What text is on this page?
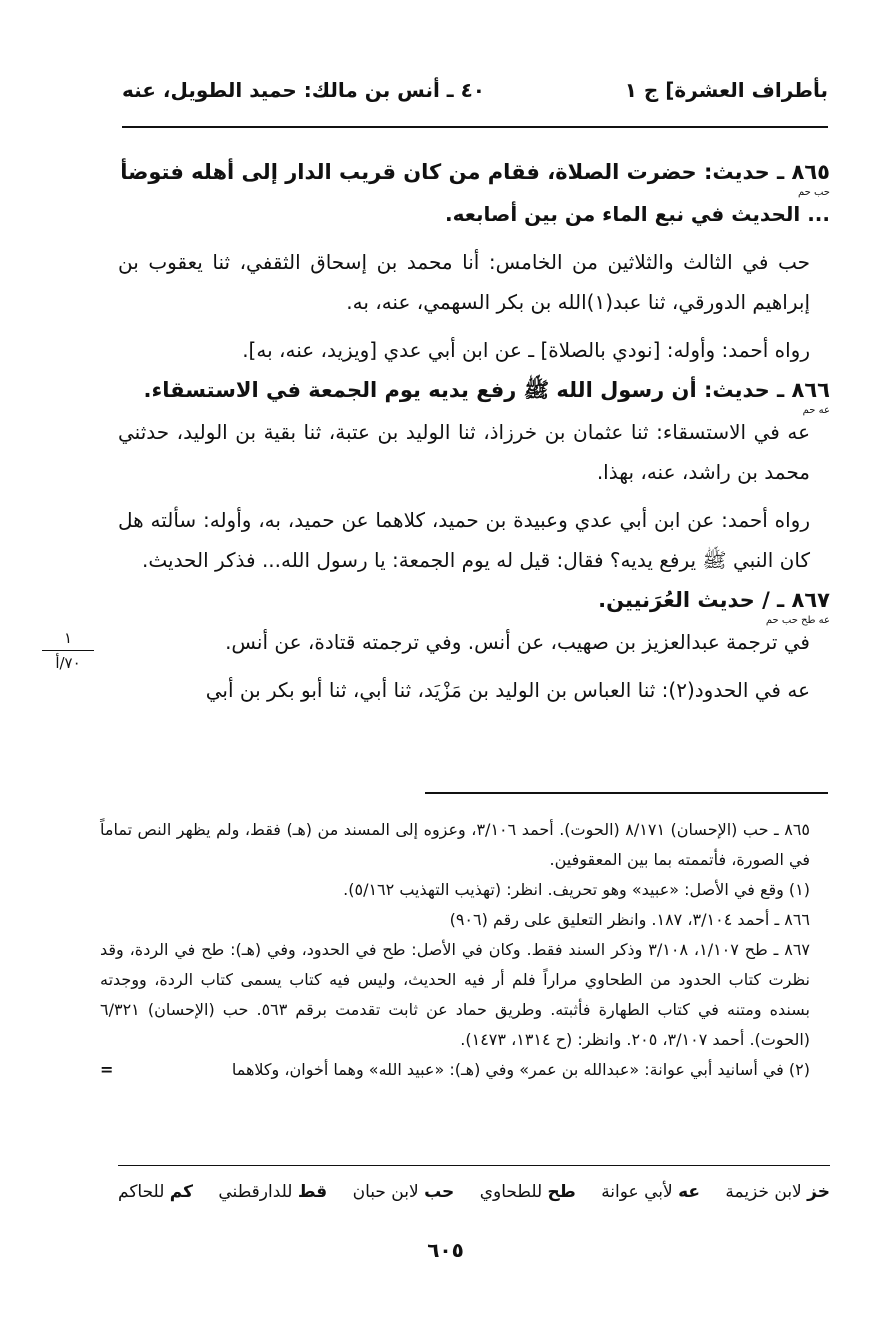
بأطراف العشرة] ج ١
٤٠ ـ أنس بن مالك: حميد الطويل، عنه

٨٦٥ ـ حديث: حضرت الصلاة، فقام من كان قريب الدار إلى أهله فتوضأ

حب حم

... الحديث في نبع الماء من بين أصابعه.

حب في الثالث والثلاثين من الخامس: أنا محمد بن إسحاق الثقفي، ثنا يعقوب بن إبراهيم الدورقي، ثنا عبد(١)الله بن بكر السهمي، عنه، به.

رواه أحمد: وأوله: [نودي بالصلاة] ـ عن ابن أبي عدي [ويزيد، عنه، به].

٨٦٦ ـ حديث: أن رسول الله ﷺ رفع يديه يوم الجمعة في الاستسقاء.

عه حم

عه في الاستسقاء: ثنا عثمان بن خرزاذ، ثنا الوليد بن عتبة، ثنا بقية بن الوليد، حدثني محمد بن راشد، عنه، بهذا.

رواه أحمد: عن ابن أبي عدي وعبيدة بن حميد، كلاهما عن حميد، به، وأوله: سألته هل كان النبي ﷺ يرفع يديه؟ فقال: قيل له يوم الجمعة: يا رسول الله... فذكر الحديث.

٨٦٧ ـ / حديث العُرَنيين.

عه طح حب حم

في ترجمة عبدالعزيز بن صهيب، عن أنس. وفي ترجمته قتادة، عن أنس.

عه في الحدود(٢): ثنا العباس بن الوليد بن مَزْيَد، ثنا أبي، ثنا أبو بكر بن أبي

١
٧٠/أ

٨٦٥ ـ حب (الإحسان) ٨/١٧١ (الحوت). أحمد ٣/١٠٦، وعزوه إلى المسند من (هـ) فقط، ولم يظهر النص تماماً في الصورة، فأتممته بما بين المعقوفين.

(١) وقع في الأصل: «عبيد» وهو تحريف. انظر: (تهذيب التهذيب ٥/١٦٢).

٨٦٦ ـ أحمد ٣/١٠٤، ١٨٧. وانظر التعليق على رقم (٩٠٦)

٨٦٧ ـ طح ١/١٠٧، ٣/١٠٨ وذكر السند فقط. وكان في الأصل: طح في الحدود، وفي (هـ): طح في الردة، وقد نظرت كتاب الحدود من الطحاوي مراراً فلم أر فيه الحديث، وليس فيه كتاب يسمى كتاب الردة، ووجدته بسنده ومتنه في كتاب الطهارة فأثبته. وطريق حماد عن ثابت تقدمت برقم ٥٦٣. حب (الإحسان) ٦/٣٢١ (الحوت). أحمد ٣/١٠٧، ٢٠٥. وانظر: (ح ١٣١٤، ١٤٧٣).

(٢) في أسانيد أبي عوانة: «عبدالله بن عمر» وفي (هـ): «عبيد الله» وهما أخوان، وكلاهما
=

خز لابن خزيمة
عه لأبي عوانة
طح للطحاوي
حب لابن حبان
قط للدارقطني
كم للحاكم
٦٠٥
